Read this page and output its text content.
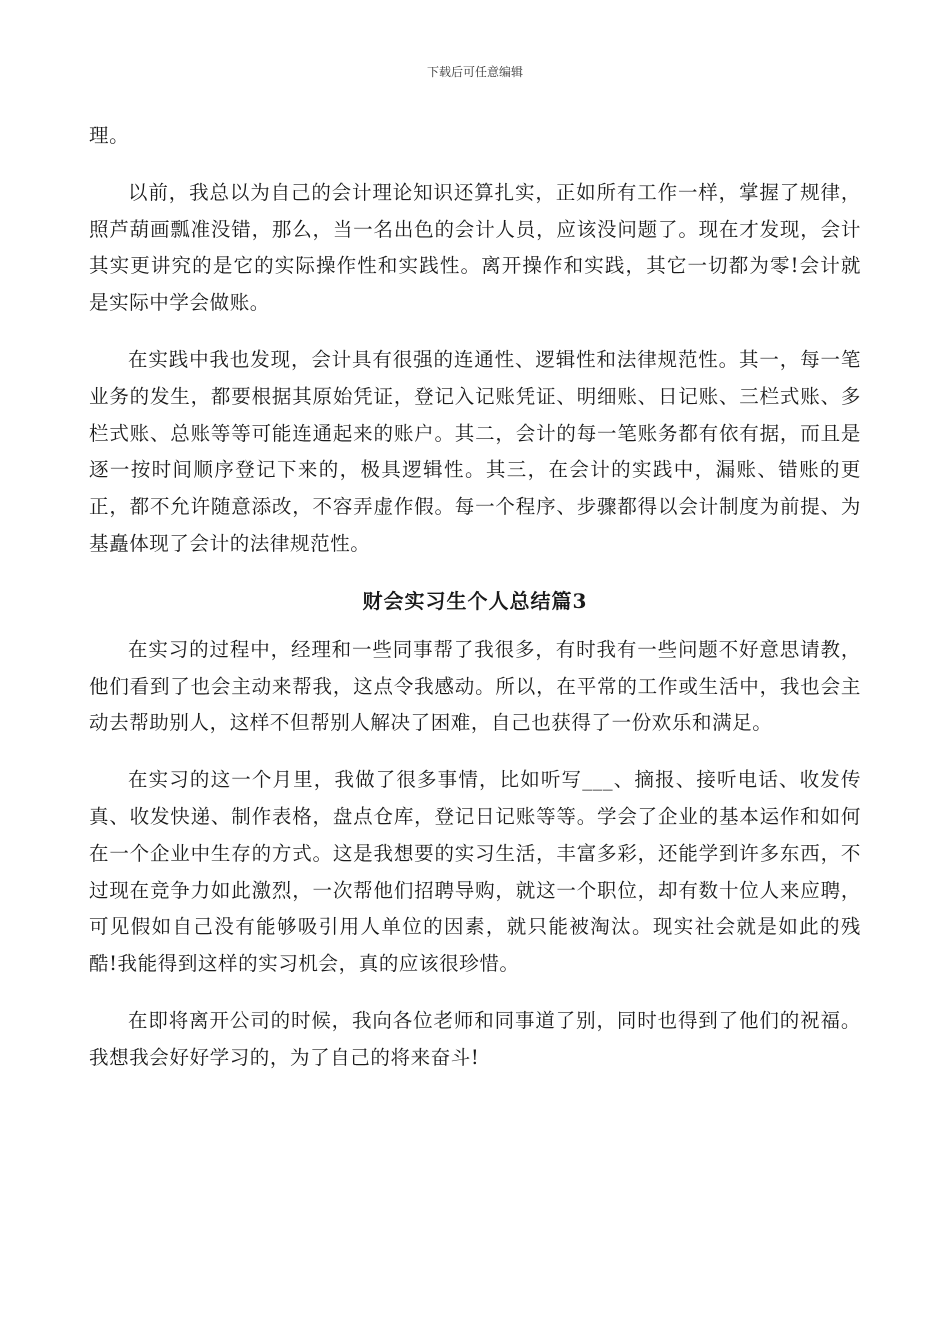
下载后可任意编辑

理。

以前，我总以为自己的会计理论知识还算扎实，正如所有工作一样，掌握了规律，照芦葫画瓢准没错，那么，当一名出色的会计人员，应该没问题了。现在才发现，会计其实更讲究的是它的实际操作性和实践性。离开操作和实践，其它一切都为零!会计就是实际中学会做账。

在实践中我也发现，会计具有很强的连通性、逻辑性和法律规范性。其一，每一笔业务的发生，都要根据其原始凭证，登记入记账凭证、明细账、日记账、三栏式账、多栏式账、总账等等可能连通起来的账户。其二，会计的每一笔账务都有依有据，而且是逐一按时间顺序登记下来的，极具逻辑性。其三，在会计的实践中，漏账、错账的更正，都不允许随意添改，不容弄虚作假。每一个程序、步骤都得以会计制度为前提、为基矗体现了会计的法律规范性。

财会实习生个人总结篇3

在实习的过程中，经理和一些同事帮了我很多，有时我有一些问题不好意思请教，他们看到了也会主动来帮我，这点令我感动。所以，在平常的工作或生活中，我也会主动去帮助别人，这样不但帮别人解决了困难，自己也获得了一份欢乐和满足。

在实习的这一个月里，我做了很多事情，比如听写___、摘报、接听电话、收发传真、收发快递、制作表格，盘点仓库，登记日记账等等。学会了企业的基本运作和如何在一个企业中生存的方式。这是我想要的实习生活，丰富多彩，还能学到许多东西，不过现在竞争力如此激烈，一次帮他们招聘导购，就这一个职位，却有数十位人来应聘，可见假如自己没有能够吸引用人单位的因素，就只能被淘汰。现实社会就是如此的残酷!我能得到这样的实习机会，真的应该很珍惜。

在即将离开公司的时候，我向各位老师和同事道了别，同时也得到了他们的祝福。我想我会好好学习的，为了自己的将来奋斗!
